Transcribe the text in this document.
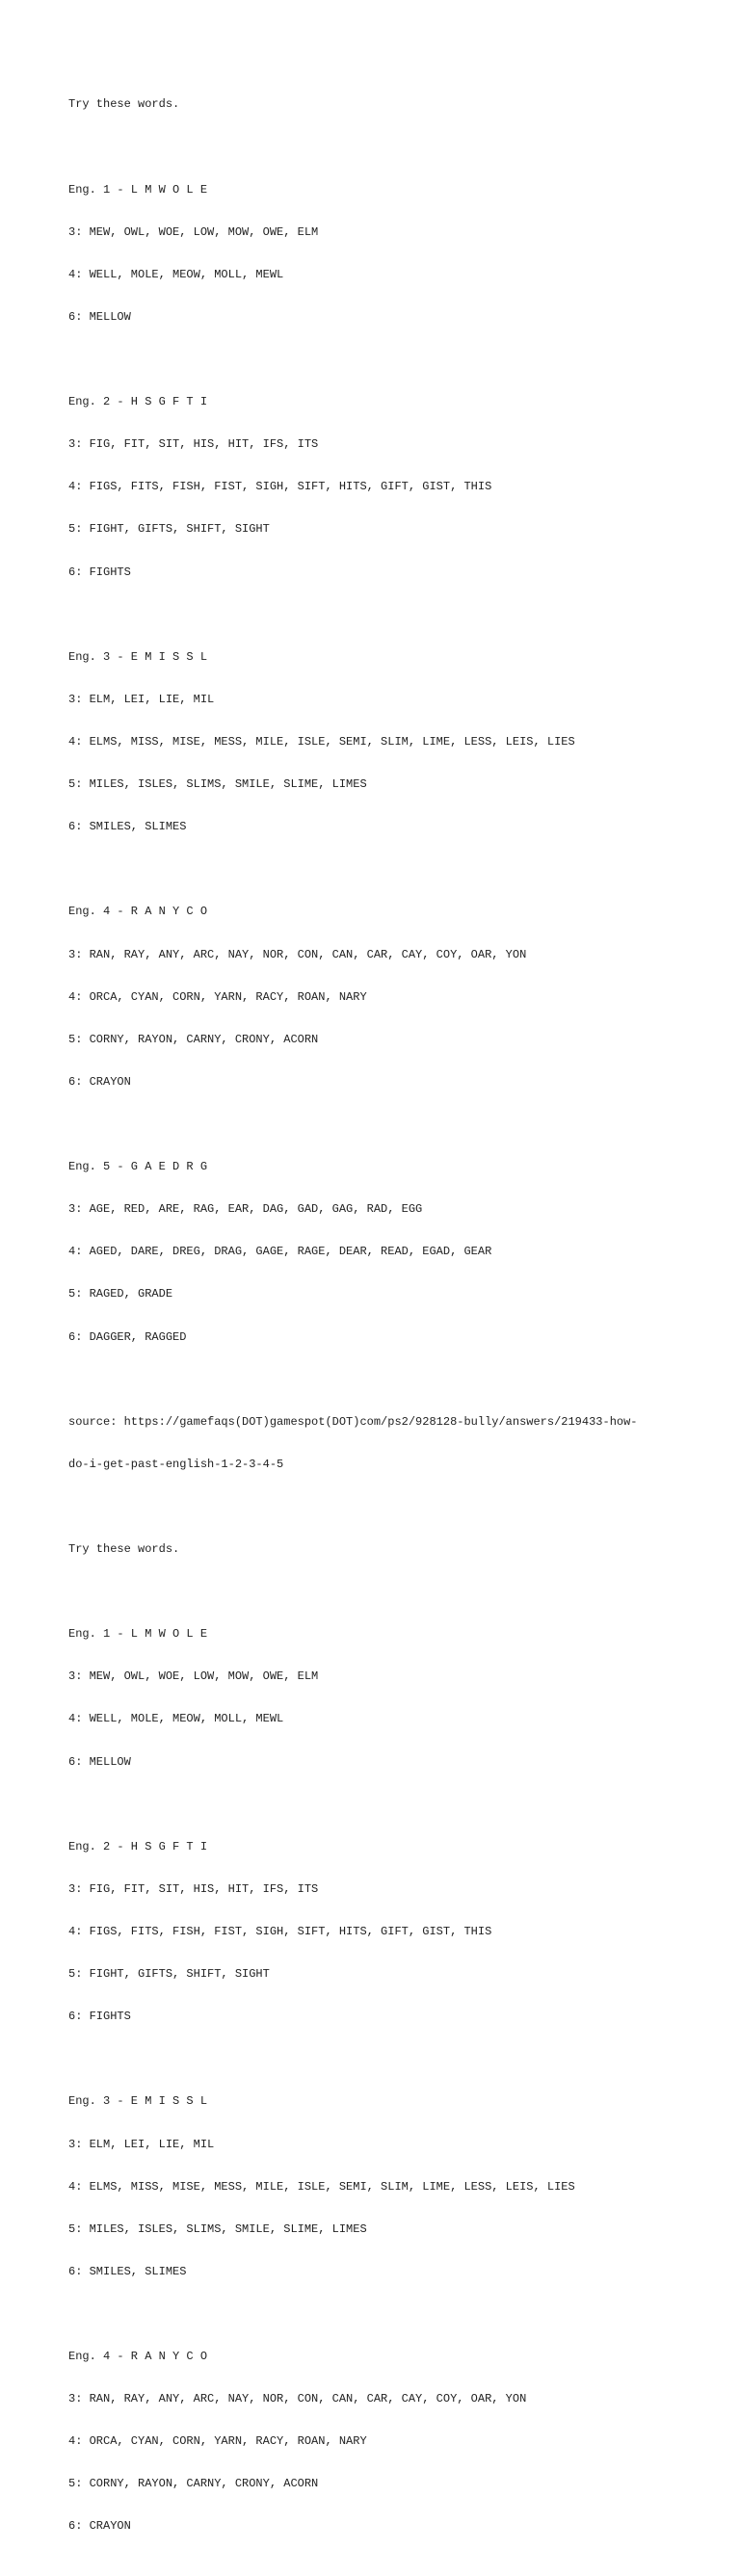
Try these words.

Eng. 1 - L M W O L E

3: MEW, OWL, WOE, LOW, MOW, OWE, ELM

4: WELL, MOLE, MEOW, MOLL, MEWL

6: MELLOW

Eng. 2 - H S G F T I

3: FIG, FIT, SIT, HIS, HIT, IFS, ITS

4: FIGS, FITS, FISH, FIST, SIGH, SIFT, HITS, GIFT, GIST, THIS

5: FIGHT, GIFTS, SHIFT, SIGHT

6: FIGHTS

Eng. 3 - E M I S S L

3: ELM, LEI, LIE, MIL

4: ELMS, MISS, MISE, MESS, MILE, ISLE, SEMI, SLIM, LIME, LESS, LEIS, LIES

5: MILES, ISLES, SLIMS, SMILE, SLIME, LIMES

6: SMILES, SLIMES

Eng. 4 - R A N Y C O

3: RAN, RAY, ANY, ARC, NAY, NOR, CON, CAN, CAR, CAY, COY, OAR, YON

4: ORCA, CYAN, CORN, YARN, RACY, ROAN, NARY

5: CORNY, RAYON, CARNY, CRONY, ACORN

6: CRAYON

Eng. 5 - G A E D R G

3: AGE, RED, ARE, RAG, EAR, DAG, GAD, GAG, RAD, EGG

4: AGED, DARE, DREG, DRAG, GAGE, RAGE, DEAR, READ, EGAD, GEAR

5: RAGED, GRADE

6: DAGGER, RAGGED

source: https://gamefaqs(DOT)gamespot(DOT)com/ps2/928128-bully/answers/219433-how-

do-i-get-past-english-1-2-3-4-5

Try these words.

Eng. 1 - L M W O L E

3: MEW, OWL, WOE, LOW, MOW, OWE, ELM

4: WELL, MOLE, MEOW, MOLL, MEWL

6: MELLOW

Eng. 2 - H S G F T I

3: FIG, FIT, SIT, HIS, HIT, IFS, ITS

4: FIGS, FITS, FISH, FIST, SIGH, SIFT, HITS, GIFT, GIST, THIS

5: FIGHT, GIFTS, SHIFT, SIGHT

6: FIGHTS

Eng. 3 - E M I S S L

3: ELM, LEI, LIE, MIL

4: ELMS, MISS, MISE, MESS, MILE, ISLE, SEMI, SLIM, LIME, LESS, LEIS, LIES

5: MILES, ISLES, SLIMS, SMILE, SLIME, LIMES

6: SMILES, SLIMES

Eng. 4 - R A N Y C O

3: RAN, RAY, ANY, ARC, NAY, NOR, CON, CAN, CAR, CAY, COY, OAR, YON

4: ORCA, CYAN, CORN, YARN, RACY, ROAN, NARY

5: CORNY, RAYON, CARNY, CRONY, ACORN

6: CRAYON
